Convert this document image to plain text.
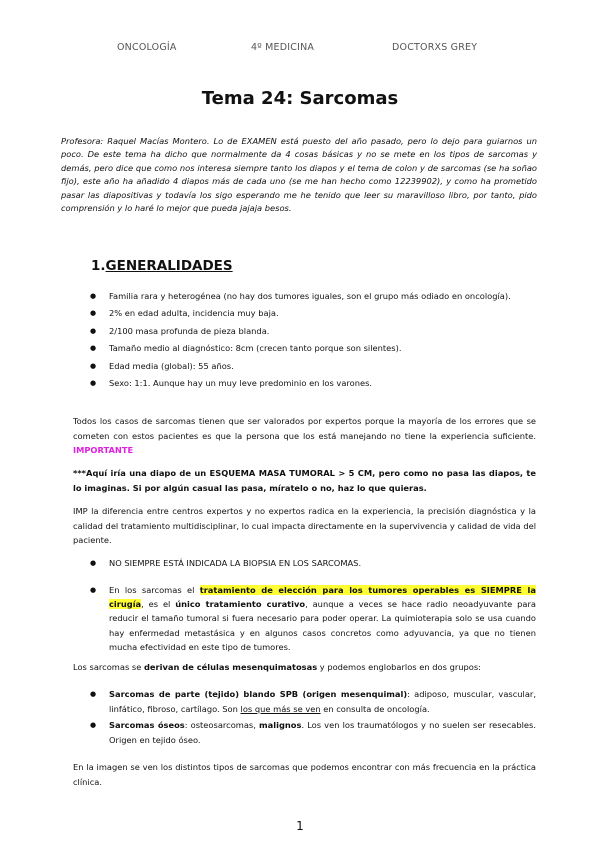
ONCOLOGÍA	4º MEDICINA	DOCTORXS GREY
Tema 24: Sarcomas

Profesora: Raquel Macías Montero. Lo de EXAMEN está puesto del año pasado, pero lo dejo para guiarnos un poco. De este tema ha dicho que normalmente da 4 cosas básicas y no se mete en los tipos de sarcomas y demás, pero dice que como nos interesa siempre tanto los diapos y el tema de colon y de sarcomas (se ha soñao fijo), este año ha añadido 4 diapos más de cada uno (se me han hecho como 12239902), y como ha prometido pasar las diapositivas y todavía los sigo esperando me he tenido que leer su maravilloso libro, por tanto, pido comprensión y lo haré lo mejor que pueda jajaja besos.

1.GENERALIDADES
● Familia rara y heterogénea (no hay dos tumores iguales, son el grupo más odiado en oncología).
● 2% en edad adulta, incidencia muy baja.
● 2/100 masa profunda de pieza blanda.
● Tamaño medio al diagnóstico: 8cm (crecen tanto porque son silentes).
● Edad media (global): 55 años.
● Sexo: 1:1. Aunque hay un muy leve predominio en los varones.

Todos los casos de sarcomas tienen que ser valorados por expertos porque la mayoría de los errores que se cometen con estos pacientes es que la persona que los está manejando no tiene la experiencia suficiente. IMPORTANTE

***Aquí iría una diapo de un ESQUEMA MASA TUMORAL > 5 CM, pero como no pasa las diapos, te lo imaginas. Si por algún casual las pasa, míratelo o no, haz lo que quieras.

IMP la diferencia entre centros expertos y no expertos radica en la experiencia, la precisión diagnóstica y la calidad del tratamiento multidisciplinar, lo cual impacta directamente en la supervivencia y calidad de vida del paciente.

● NO SIEMPRE ESTÁ INDICADA LA BIOPSIA EN LOS SARCOMAS.
● En los sarcomas el tratamiento de elección para los tumores operables es SIEMPRE la cirugía, es el único tratamiento curativo, aunque a veces se hace radio neoadyuvante para reducir el tamaño tumoral si fuera necesario para poder operar. La quimioterapia solo se usa cuando hay enfermedad metastásica y en algunos casos concretos como adyuvancia, ya que no tienen mucha efectividad en este tipo de tumores.

Los sarcomas se derivan de células mesenquimatosas y podemos englobarlos en dos grupos:

● Sarcomas de parte (tejido) blando SPB (origen mesenquimal): adiposo, muscular, vascular, linfático, fibroso, cartílago. Son los que más se ven en consulta de oncología.
● Sarcomas óseos: osteosarcomas, malignos. Los ven los traumatólogos y no suelen ser resecables. Origen en tejido óseo.

En la imagen se ven los distintos tipos de sarcomas que podemos encontrar con más frecuencia en la práctica clínica.

1
